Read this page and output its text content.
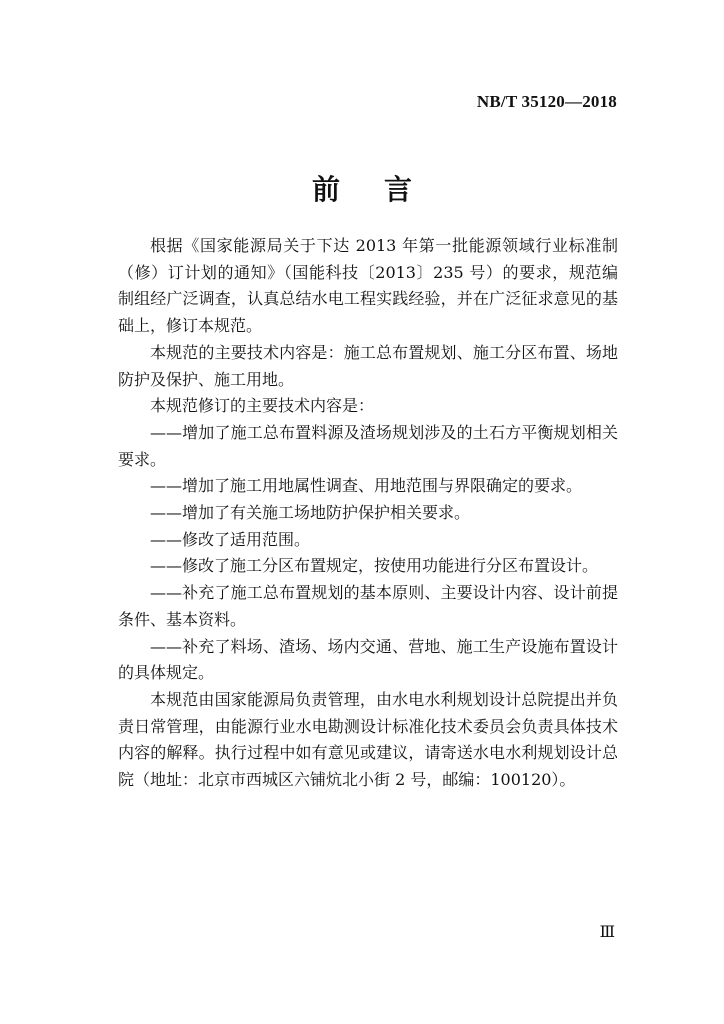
NB/T 35120—2018
前言

根据《国家能源局关于下达 2013 年第一批能源领域行业标准制（修）订计划的通知》（国能科技〔2013〕235 号）的要求，规范编制组经广泛调查，认真总结水电工程实践经验，并在广泛征求意见的基础上，修订本规范。

本规范的主要技术内容是：施工总布置规划、施工分区布置、场地防护及保护、施工用地。

本规范修订的主要技术内容是：

——增加了施工总布置料源及渣场规划涉及的土石方平衡规划相关要求。

——增加了施工用地属性调查、用地范围与界限确定的要求。

——增加了有关施工场地防护保护相关要求。

——修改了适用范围。

——修改了施工分区布置规定，按使用功能进行分区布置设计。

——补充了施工总布置规划的基本原则、主要设计内容、设计前提条件、基本资料。

——补充了料场、渣场、场内交通、营地、施工生产设施布置设计的具体规定。

本规范由国家能源局负责管理，由水电水利规划设计总院提出并负责日常管理，由能源行业水电勘测设计标准化技术委员会负责具体技术内容的解释。执行过程中如有意见或建议，请寄送水电水利规划设计总院（地址：北京市西城区六铺炕北小街 2 号，邮编：100120）。

Ⅲ
